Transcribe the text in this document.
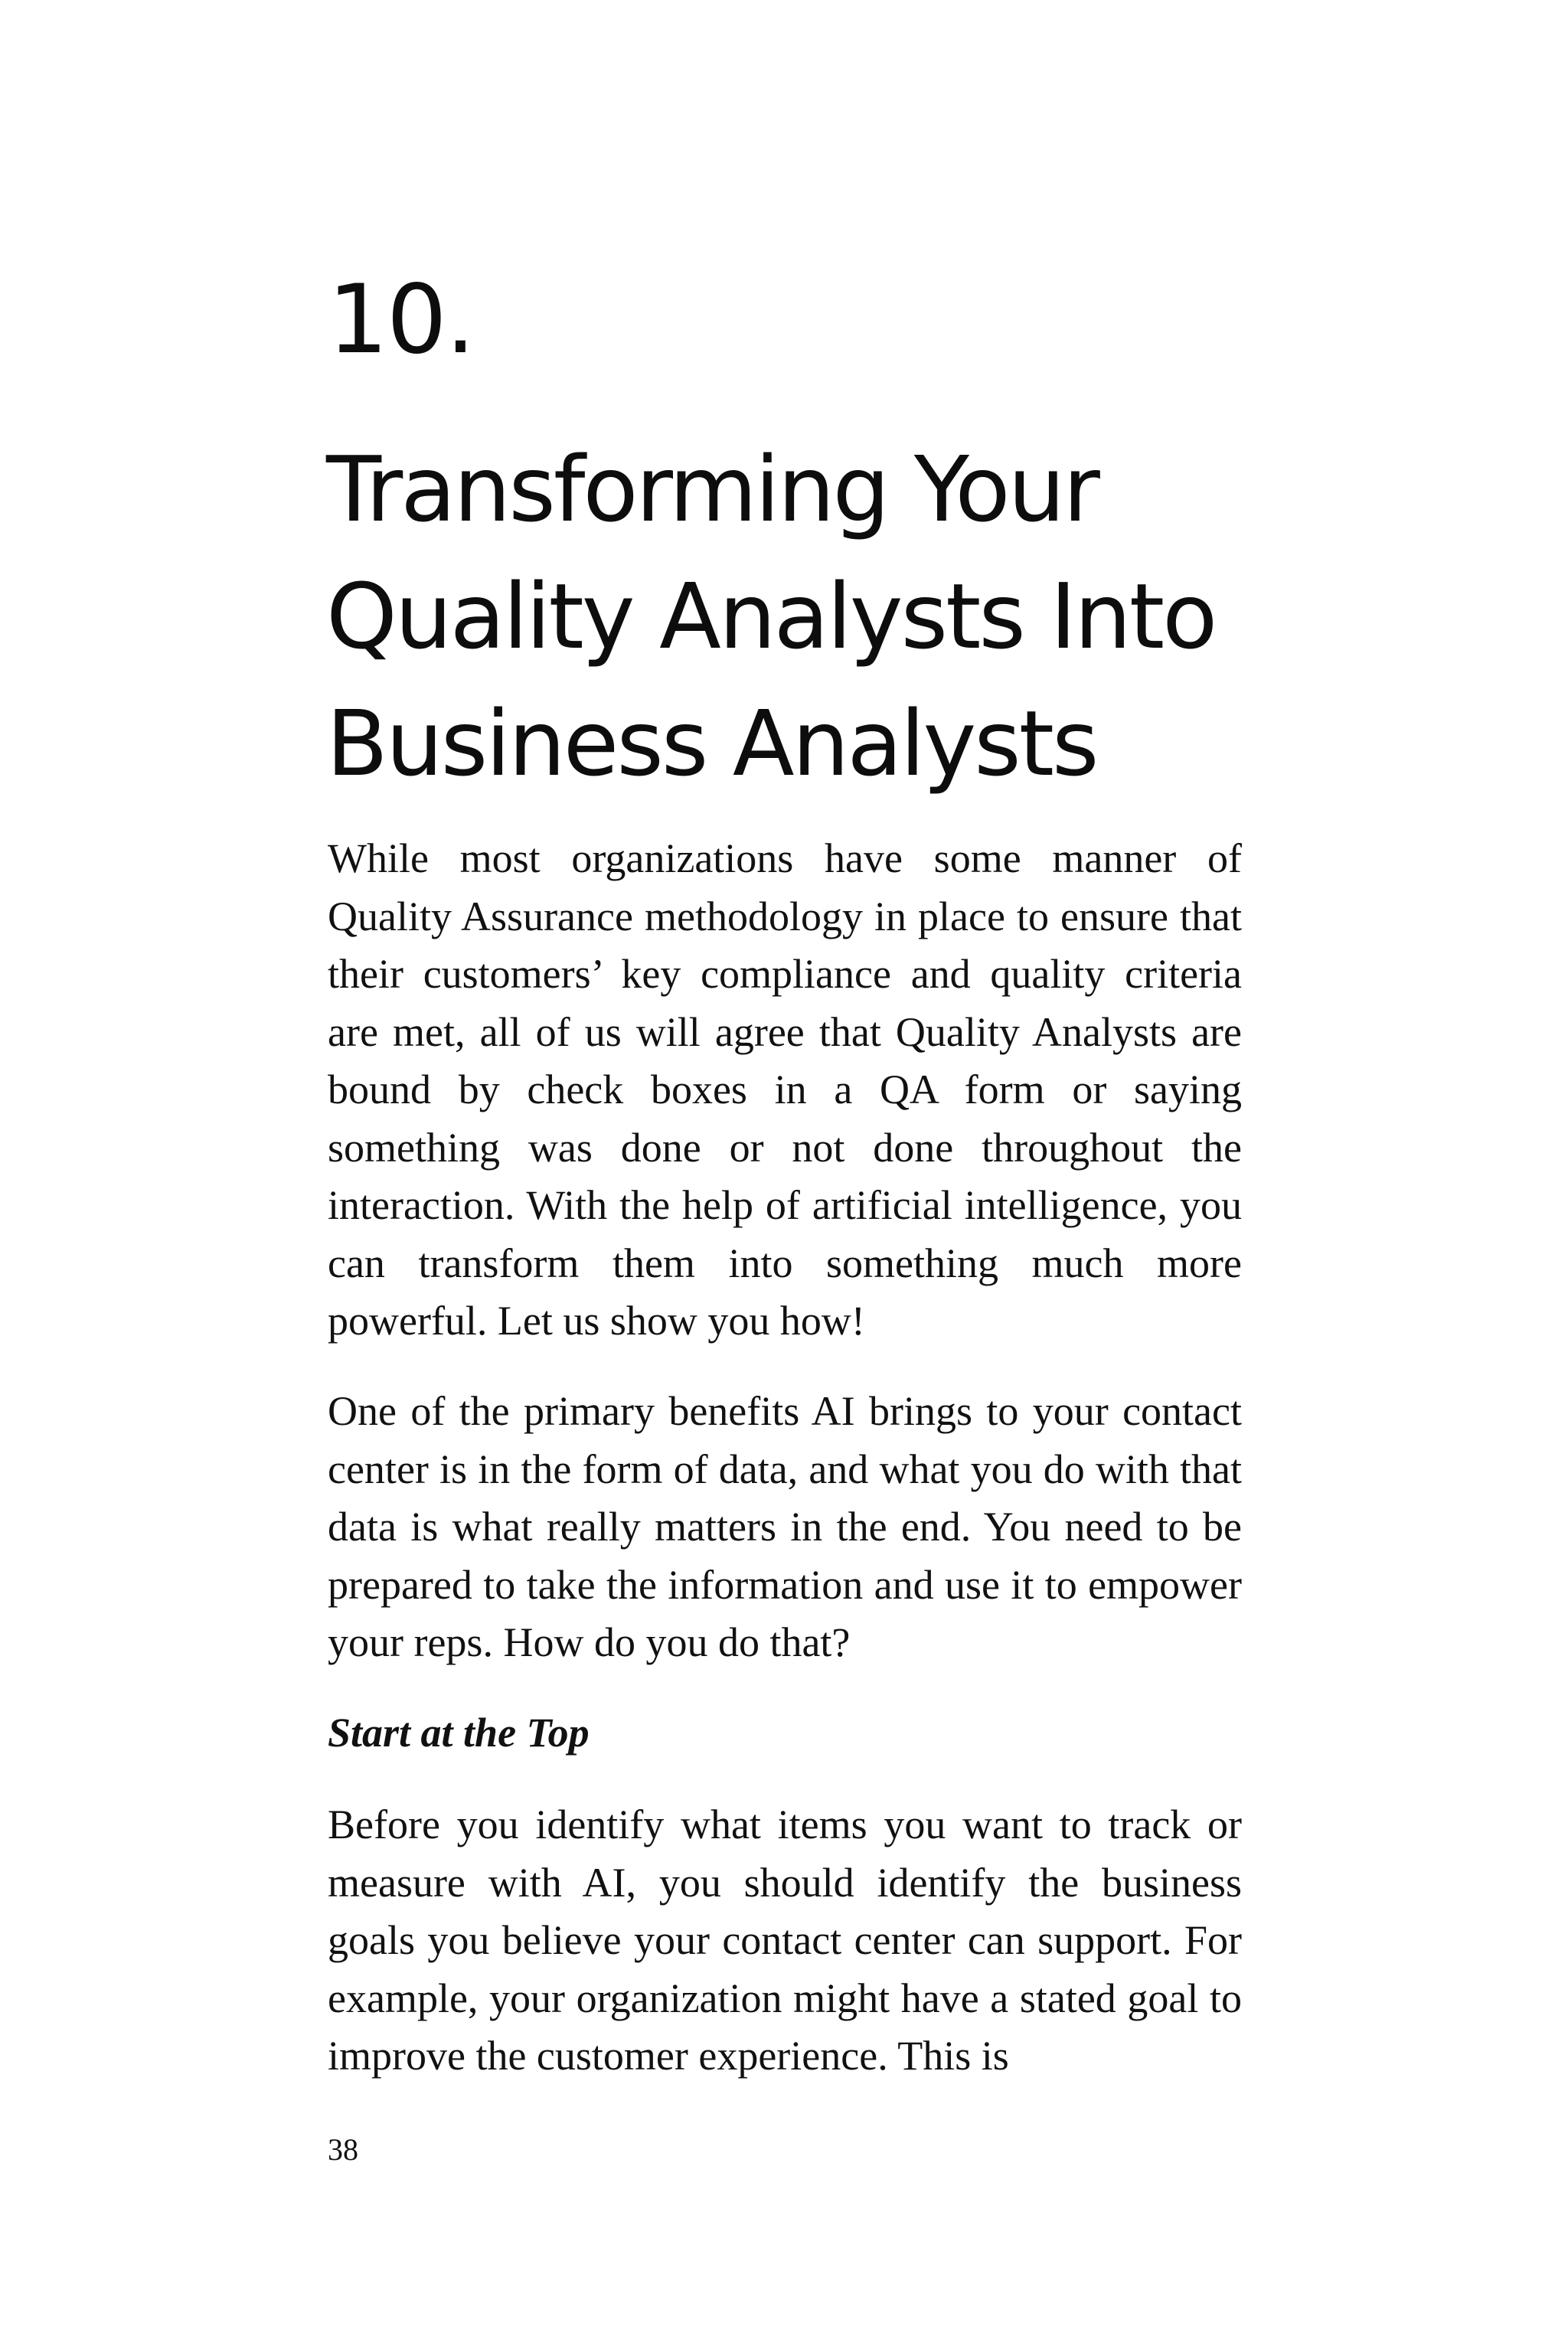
10.
Transforming Your
Quality Analysts Into
Business Analysts

While most organizations have some manner of Quality Assurance methodology in place to ensure that their customers’ key compliance and quality criteria are met, all of us will agree that Quality Analysts are bound by check boxes in a QA form or saying something was done or not done throughout the interaction. With the help of artificial intelligence, you can transform them into something much more powerful. Let us show you how!

One of the primary benefits AI brings to your contact center is in the form of data, and what you do with that data is what really matters in the end. You need to be prepared to take the information and use it to empower your reps. How do you do that?

Start at the Top

Before you identify what items you want to track or measure with AI, you should identify the business goals you believe your contact center can support. For example, your organization might have a stated goal to improve the customer experience. This is

38
